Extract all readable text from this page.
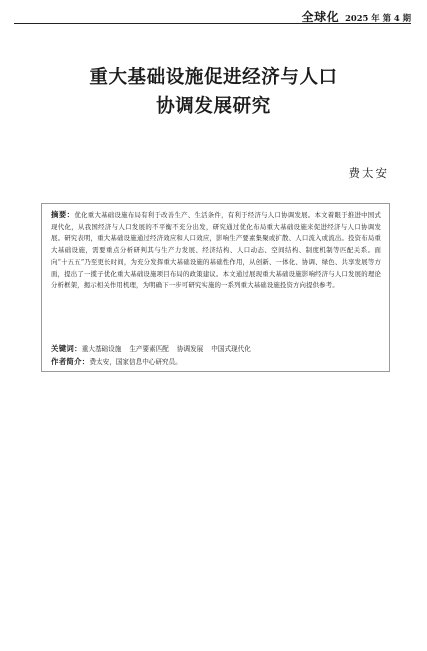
全球化 2025 年 第 4 期
重大基础设施促进经济与人口
协调发展研究
费太安
摘要：优化重大基础设施布局有利于改善生产、生活条件，有利于经济与人口协调发展。本文着眼于推进中国式现代化，从我国经济与人口发展的不平衡不充分出发，研究通过优化布局重大基础设施来促进经济与人口协调发展。研究表明，重大基础设施通过经济效应和人口效应，影响生产要素集聚或扩散、人口流入或流出。投资布局重大基础设施，需要重点分析研判其与生产力发展、经济结构、人口动态、空间结构、制度机制等匹配关系。面向“十五五”乃至更长时间，为充分发挥重大基础设施的基础性作用，从创新、一体化、协调、绿色、共享发展等方面，提出了一揽子优化重大基础设施项目布局的政策建议。本文通过展现重大基础设施影响经济与人口发展的理论分析框架，揭示相关作用机理，为明确下一步可研究实施的一系列重大基础设施投资方向提供参考。
关键词：重大基础设施 生产要素匹配 协调发展 中国式现代化
作者简介：费太安，国家信息中心研究员。
